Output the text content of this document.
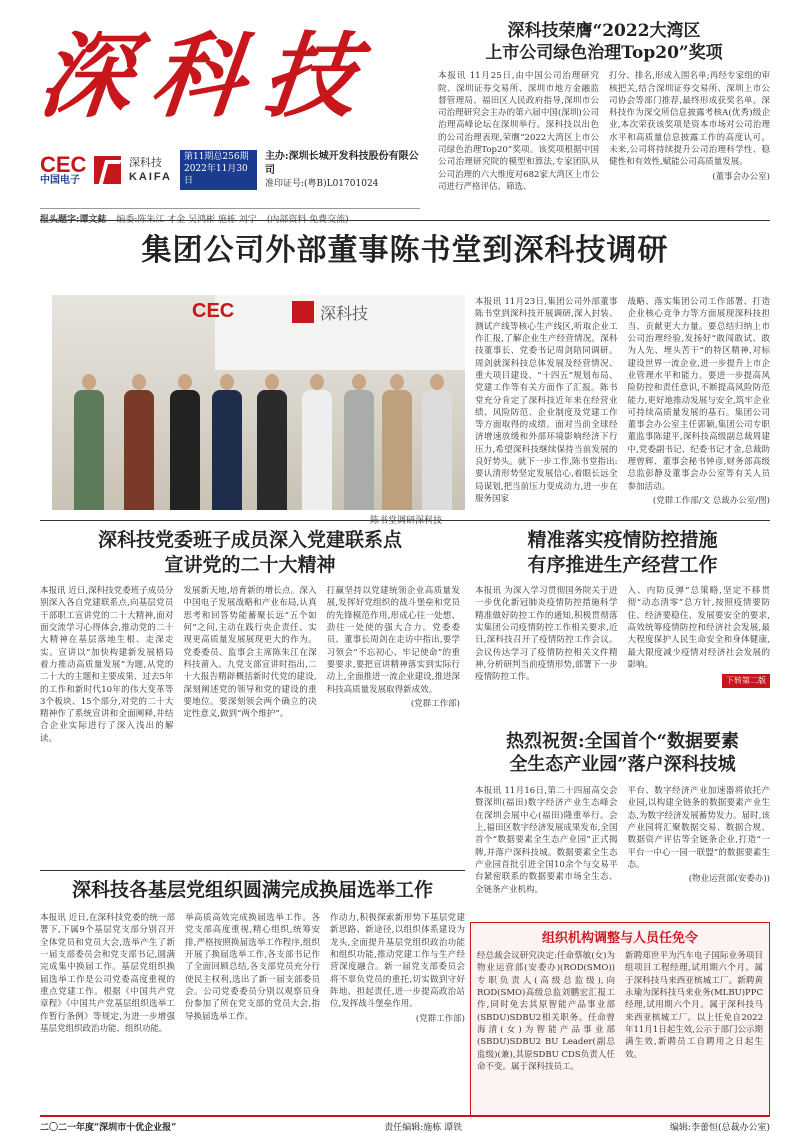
深科技
CEC
中国电子
深科技
KAIFA
第11期总256期
2022年11月30日
主办:深圳长城开发科技股份有限公司
准印证号:(粤B)L01701024
报头题字:谭文鋕 编委:陈朱江 才金 吴鸿彬 施栋 刘宁 (内部资料 免费交流)
深科技荣膺“2022大湾区
上市公司绿色治理Top20”奖项
本报讯 11月25日,由中国公司治理研究院、深圳证券交易所、深圳市地方金融监督管理局、福田区人民政府指导,深圳市公司治理研究会主办的第六届中国(深圳)公司治理高峰论坛在深圳举行。深科技以出色的公司治理表现,荣膺“2022大湾区上市公司绿色治理Top20”奖项。该奖项根据中国公司治理研究院的模型和算法,专家团队从公司治理的六大维度对682家大湾区上市公司进行严格评估、筛选、
打分、排名,形成入围名单;再经专家组的审核把关,结合深圳证券交易所、深圳上市公司协会等部门推荐,最终形成获奖名单。深科技作为深交所信息披露考核A(优秀)级企业,本次荣获该奖项是资本市场对公司治理水平和高质量信息披露工作的高度认可。未来,公司将持续提升公司治理科学性、稳健性和有效性,赋能公司高质量发展。
(董事会办公室)
集团公司外部董事陈书堂到深科技调研
CEC	深科技
陈书堂调研深科技
本报讯 11月23日,集团公司外部董事陈书堂到深科技开展调研,深入封装、测试产线等核心生产线区,听取企业工作汇报,了解企业生产经营情况。深科技董事长、党委书记周剑陪同调研。周剑就深科技总体发展及经营情况、重大项目建设、“十四五”规划布局、党建工作等有关方面作了汇报。陈书堂充分肯定了深科技近年来在经营业绩、风险防范、企业制度及党建工作等方面取得的成绩。面对当前全球经济增速放缓和外部环境影响经济下行压力,希望深科技继续保持当前发展的良好势头。就下一步工作,陈书堂指出:要认清形势坚定发展信心,着眼长远全局谋划,把当前压力变成动力,进一步在服务国家
战略、落实集团公司工作部署、打造企业核心竞争力等方面展现深科技担当、贡献更大力量。要总结归纳上市公司治理经验,发扬好“敢闯敢试、敢为人先、埋头苦干”的特区精神,对标建设世界一流企业,进一步提升上市企业管理水平和能力。要进一步提高风险防控和责任意识,不断提高风险防范能力,更好地推动发展与安全,筑牢企业可持续高质量发展的基石。集团公司董事会办公室主任郭颖,集团公司专职董监事陈建平,深科技高级副总裁周建中,党委副书记、纪委书记才金,总裁助理曾辉、董事会秘书钟彦,财务部高级总监彭静及董事会办公室等有关人员参加活动。
(党群工作部/文 总裁办公室/图)
深科技党委班子成员深入党建联系点
宣讲党的二十大精神
本报讯 近日,深科技党委班子成员分别深入各自党建联系点,向基层党员干部职工宣讲党的二十大精神,面对面交流学习心得体会,推动党的二十大精神在基层落地生根、走深走实。宣讲以“加快构建新发展格局 着力推动高质量发展”为题,从党的二十大的主题和主要成果、过去5年的工作和新时代10年的伟大变革等3个板块、15个部分,对党的二十大精神作了系统宣讲和全面阐释,并结合企业实际进行了深入浅出的解读。
发展新天地,培育新的增长点。深入中国电子发展战略和产业布局,认真思考和回答势能蓄聚长远“五个如何”之问,主动在践行央企责任、实现更高质量发展展现更大的作为。党委委员、监事会主席陈朱江在深科技莆入、九党支部宣讲时指出,二十大报告精辟概括新时代党的建设,深刻阐述党的领导和党的建设的重要地位。要深刻领会两个确立的决定性意义,做到“两个维护”。
打赢坚持以党建统领企业高质量发展,发挥好党组织的战斗堡垒和党员的先锋模范作用,形成心往一处想、劲往一处使的强大合力。党委委员、董事长周剑在走访中指出,要学习领会“不忘初心、牢记使命”的重要要求,要把宣讲精神落实到实际行动上,全面推进一流企业建设,推进深科技高质量发展取得新成效。
(党群工作部)
精准落实疫情防控措施
有序推进生产经营工作
本报讯 为深入学习贯彻国务院关于进一步优化新冠肺炎疫情防控措施科学精准做好防控工作的通知,积极贯彻落实集团公司疫情防控工作相关要求,近日,深科技召开了疫情防控工作会议。会议传达学习了疫情防控相关文件精神,分析研判当前疫情形势,部署下一步疫情防控工作。
入、内防反弹”总策略,坚定不移贯彻“动态清零”总方针,按照疫情要防住、经济要稳住、发展要安全的要求,高效统筹疫情防控和经济社会发展,最大程度保护人民生命安全和身体健康,最大限度减少疫情对经济社会发展的影响。
下转第二版
热烈祝贺:全国首个“数据要素
全生态产业园”落户深科技城
本报讯 11月16日,第二十四届高交会暨深圳(福田)数字经济产业生态峰会在深圳会展中心(福田)隆重举行。会上,福田区数字经济发展成果发布,全国首个“数据要素全生态产业园”正式揭牌,并落户深科技城。数据要素全生态产业园首批引进全国10余个与交易平台紧密联系的数据要素市场全生态、全链条产业机构。
平台、数字经济产业加速器将依托产业园,以构建全链条的数据要素产业生态,为数字经济发展蓄势发力。届时,该产业园将汇聚数据交易、数据合规、数据资产评估等全链条企业,打造“一平台一中心一园一联盟”的数据要素生态。
(物业运营部(安委办))
深科技各基层党组织圆满完成换届选举工作
本报讯 近日,在深科技党委的统一部署下,下属9个基层党支部分别召开全体党员和党员大会,选举产生了新一届支部委员会和党支部书记,圆满完成集中换届工作。基层党组织换届选举工作是公司党委高度重视的重点党建工作。根据《中国共产党章程》《中国共产党基层组织选举工作暂行条例》等规定,为进一步增强基层党组织政治功能、组织功能。
举高质高效完成换届选举工作。各党支部高度重视,精心组织,统筹安排,严格按照换届选举工作程序,组织开展了换届选举工作,各支部书记作了全面回顾总结,各支部党员充分行使民主权利,选出了新一届支部委员会。公司党委委员分别以观察员身份参加了所在党支部的党员大会,指导换届选举工作。
作动力,积极探索新形势下基层党建新思路、新途径,以组织体系建设为龙头,全面提升基层党组织政治功能和组织功能,推动党建工作与生产经营深度融合。新一届党支部委员会将不辜负党员的重托,切实做到守好阵地、担起责任,进一步提高政治站位,发挥战斗堡垒作用。
(党群工作部)
组织机构调整与人员任免令
经总裁会议研究决定:任命蔡敏(女)为物业运营部(安委办)(ROD(SMO))专职负责人(高级总监级),向ROD(SMO)高级总监刘鹏宏汇报工作,同时免去其原智能产品事业部(SBDU)SDBU2相关职务。任命曾海清(女)为智能产品事业部(SBDU)SDBU2 BU Leader(副总监级)(兼),其原SDBU CDS负责人任命不变。属于深科技员工。
新聘郑世平为汽车电子国际业务项目组项目工程经理,试用期六个月。属于深科技马来西亚槟城工厂。新聘黄永瑜为深科技马来业务(MLBU)PPC经理,试用期六个月。属于深科技马来西亚槟城工厂。以上任免自2022年11月1日起生效,公示于部门公示期满生效,新聘员工自聘用之日起生效。
二〇二一年度“深圳市十优企业报”	责任编辑:施栋 谭铁	编辑:李蕾恒(总裁办公室)
